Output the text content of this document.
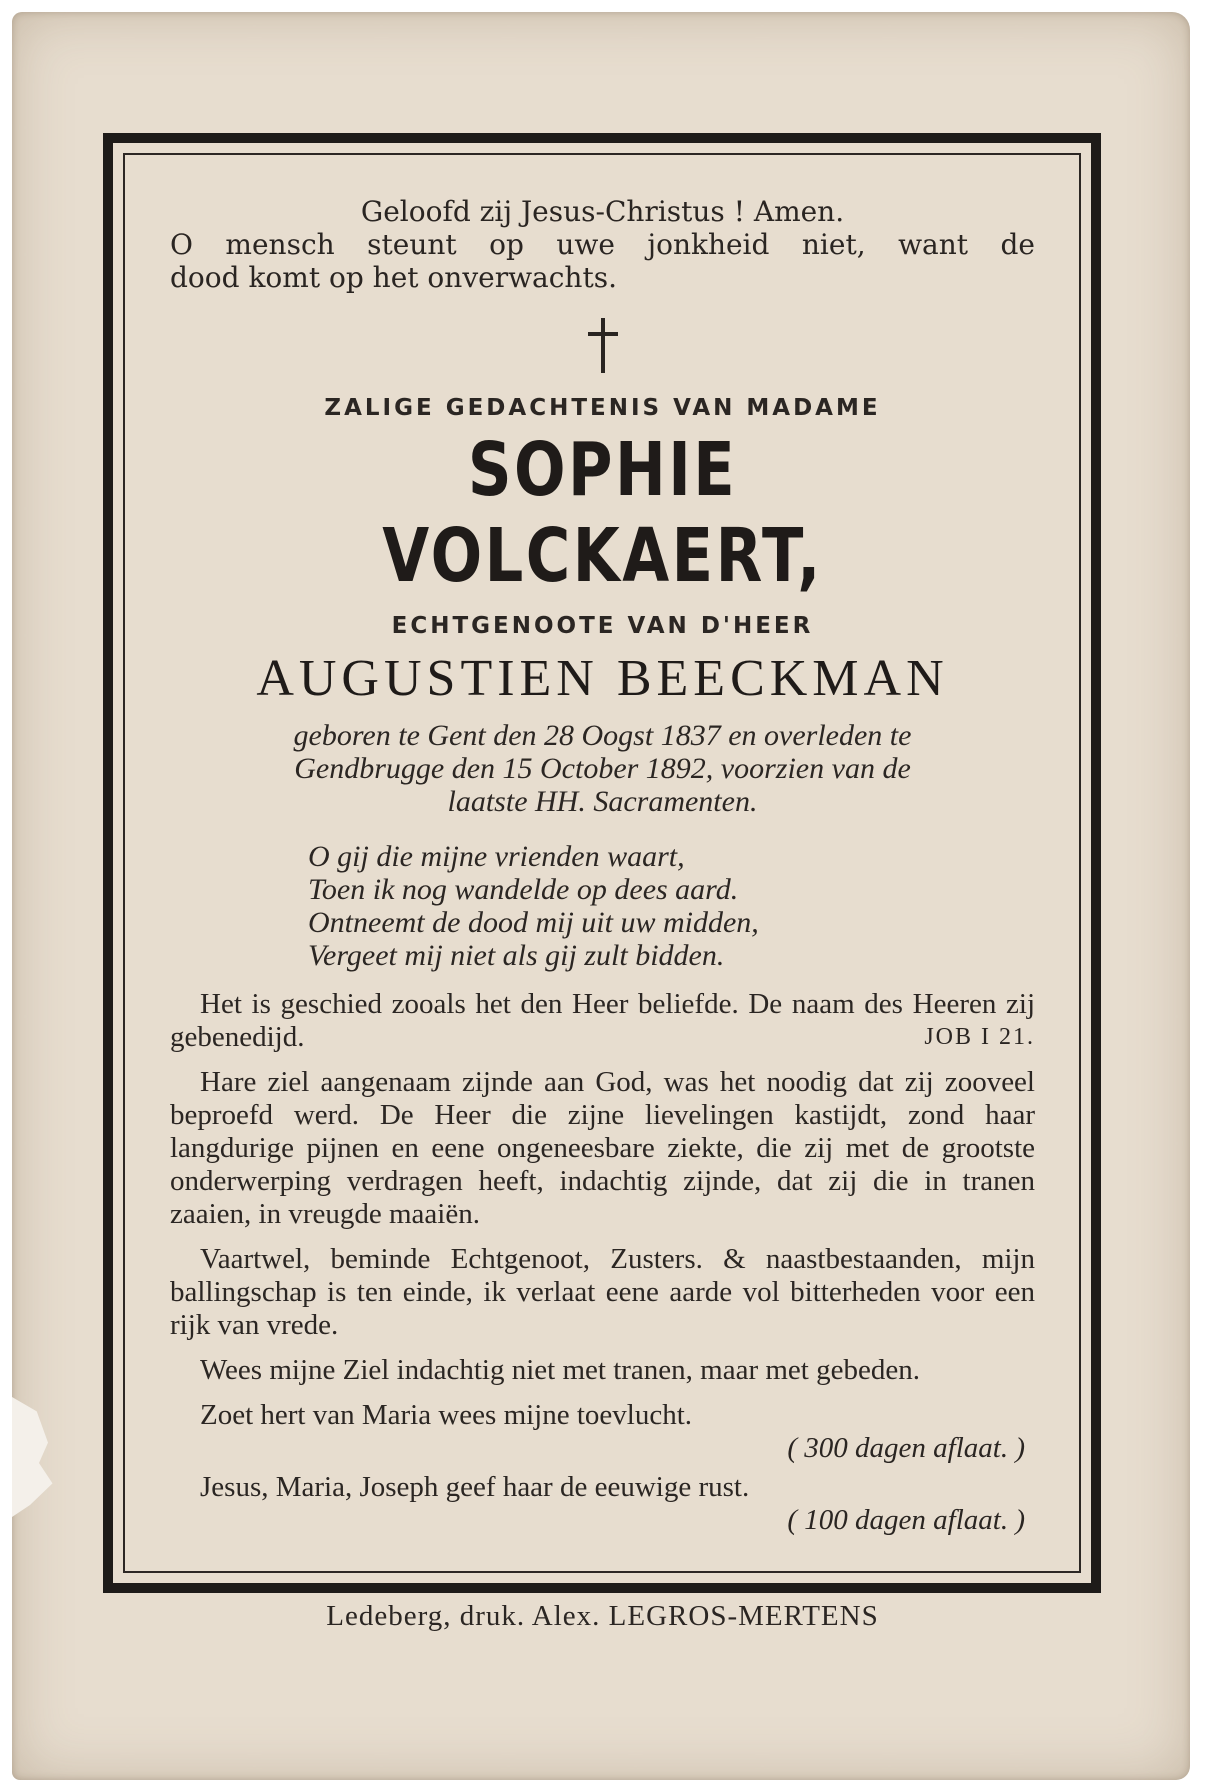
Geloofd zij Jesus-Christus ! Amen.
O mensch steunt op uwe jonkheid niet, want de
dood komt op het onverwachts.
ZALIGE GEDACHTENIS VAN MADAME
SOPHIE VOLCKAERT,
ECHTGENOOTE VAN D'HEER
AUGUSTIEN BEECKMAN
geboren te Gent den 28 Oogst 1837 en overleden te
Gendbrugge den 15 October 1892, voorzien van de
laatste HH. Sacramenten.
O gij die mijne vrienden waart,
Toen ik nog wandelde op dees aard.
Ontneemt de dood mij uit uw midden,
Vergeet mij niet als gij zult bidden.
Het is geschied zooals het den Heer beliefde. De naam des Heeren zij gebenedijd.	JOB I 21.
Hare ziel aangenaam zijnde aan God, was het noodig dat zij zooveel beproefd werd. De Heer die zijne lievelingen kastijdt, zond haar langdurige pijnen en eene ongeneesbare ziekte, die zij met de grootste onderwerping verdragen heeft, indachtig zijnde, dat zij die in tranen zaaien, in vreugde maaiën.
Vaartwel, beminde Echtgenoot, Zusters. & naastbestaanden, mijn ballingschap is ten einde, ik verlaat eene aarde vol bitterheden voor een rijk van vrede.
Wees mijne Ziel indachtig niet met tranen, maar met gebeden.
Zoet hert van Maria wees mijne toevlucht.
( 300 dagen aflaat. )
Jesus, Maria, Joseph geef haar de eeuwige rust.
( 100 dagen aflaat. )
Ledeberg, druk. Alex. LEGROS-MERTENS
